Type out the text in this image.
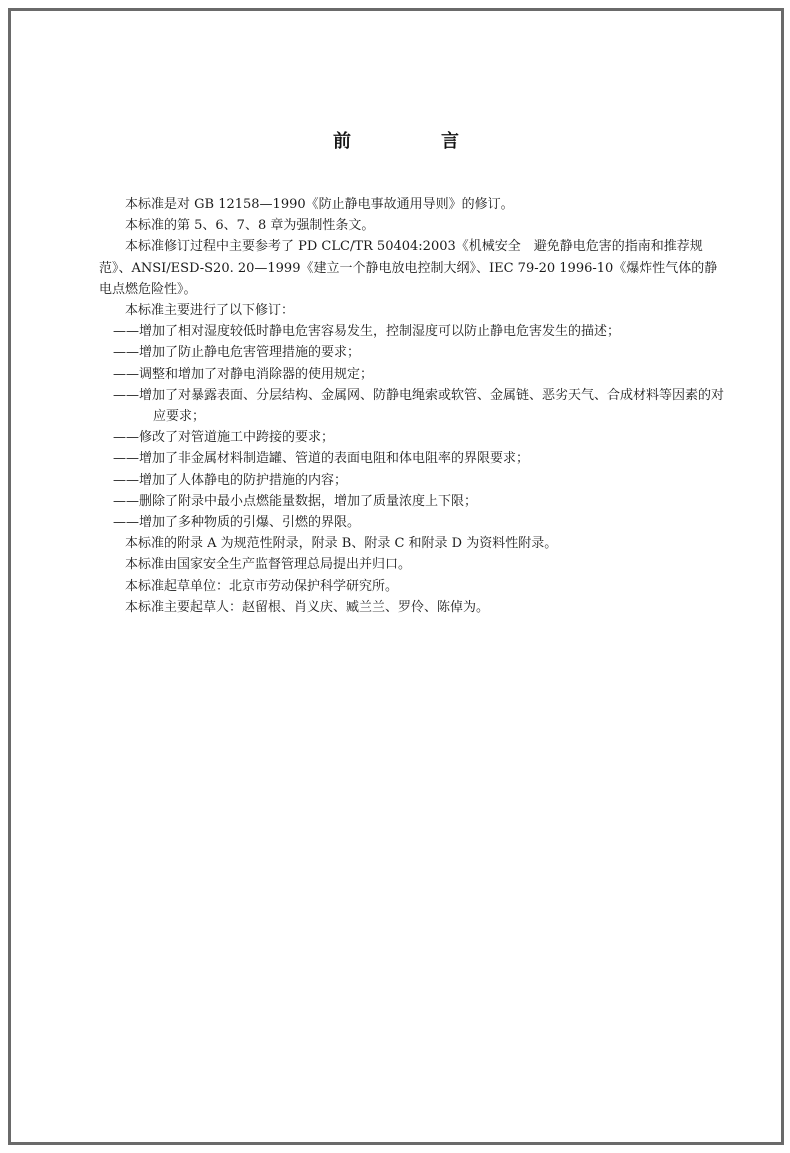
前　言

本标准是对 GB 12158—1990《防止静电事故通用导则》的修订。

本标准的第 5、6、7、8 章为强制性条文。

本标准修订过程中主要参考了 PD CLC/TR 50404:2003《机械安全　避免静电危害的指南和推荐规范》、ANSI/ESD-S20. 20—1999《建立一个静电放电控制大纲》、IEC 79-20 1996-10《爆炸性气体的静电点燃危险性》。

本标准主要进行了以下修订：

——增加了相对湿度较低时静电危害容易发生，控制湿度可以防止静电危害发生的描述；

——增加了防止静电危害管理措施的要求；

——调整和增加了对静电消除器的使用规定；

——增加了对暴露表面、分层结构、金属网、防静电绳索或软管、金属链、恶劣天气、合成材料等因素的对应要求；

——修改了对管道施工中跨接的要求；

——增加了非金属材料制造罐、管道的表面电阻和体电阻率的界限要求；

——增加了人体静电的防护措施的内容；

——删除了附录中最小点燃能量数据，增加了质量浓度上下限；

——增加了多种物质的引爆、引燃的界限。

本标准的附录 A 为规范性附录，附录 B、附录 C 和附录 D 为资料性附录。

本标准由国家安全生产监督管理总局提出并归口。

本标准起草单位：北京市劳动保护科学研究所。

本标准主要起草人：赵留根、肖义庆、臧兰兰、罗伶、陈倬为。
